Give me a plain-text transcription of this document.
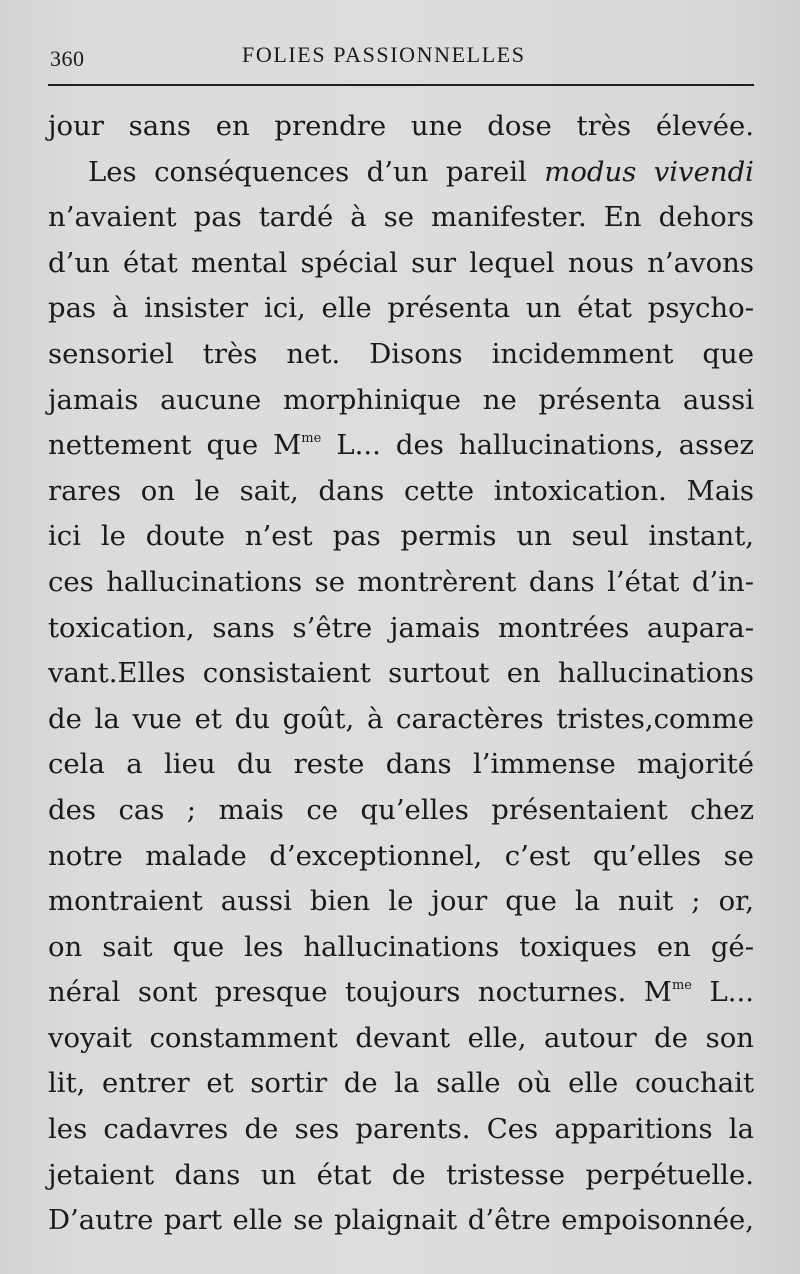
360	FOLIES PASSIONNELLES
jour sans en prendre une dose très élevée.
Les conséquences d’un pareil modus vivendi
n’avaient pas tardé à se manifester. En dehors
d’un état mental spécial sur lequel nous n’avons
pas à insister ici, elle présenta un état psycho-
sensoriel très net. Disons incidemment que
jamais aucune morphinique ne présenta aussi
nettement que $M^{me}$ L... des hallucinations, assez
rares on le sait, dans cette intoxication. Mais
ici le doute n’est pas permis un seul instant,
ces hallucinations se montrèrent dans l’état d’in-
toxication, sans s’être jamais montrées aupara-
vant.Elles consistaient surtout en hallucinations
de la vue et du goût, à caractères tristes,comme
cela a lieu du reste dans l’immense majorité
des cas ; mais ce qu’elles présentaient chez
notre malade d’exceptionnel, c’est qu’elles se
montraient aussi bien le jour que la nuit ; or,
on sait que les hallucinations toxiques en gé-
néral sont presque toujours nocturnes. $M^{me}$ L...
voyait constamment devant elle, autour de son
lit, entrer et sortir de la salle où elle couchait
les cadavres de ses parents. Ces apparitions la
jetaient dans un état de tristesse perpétuelle.
D’autre part elle se plaignait d’être empoisonnée,
